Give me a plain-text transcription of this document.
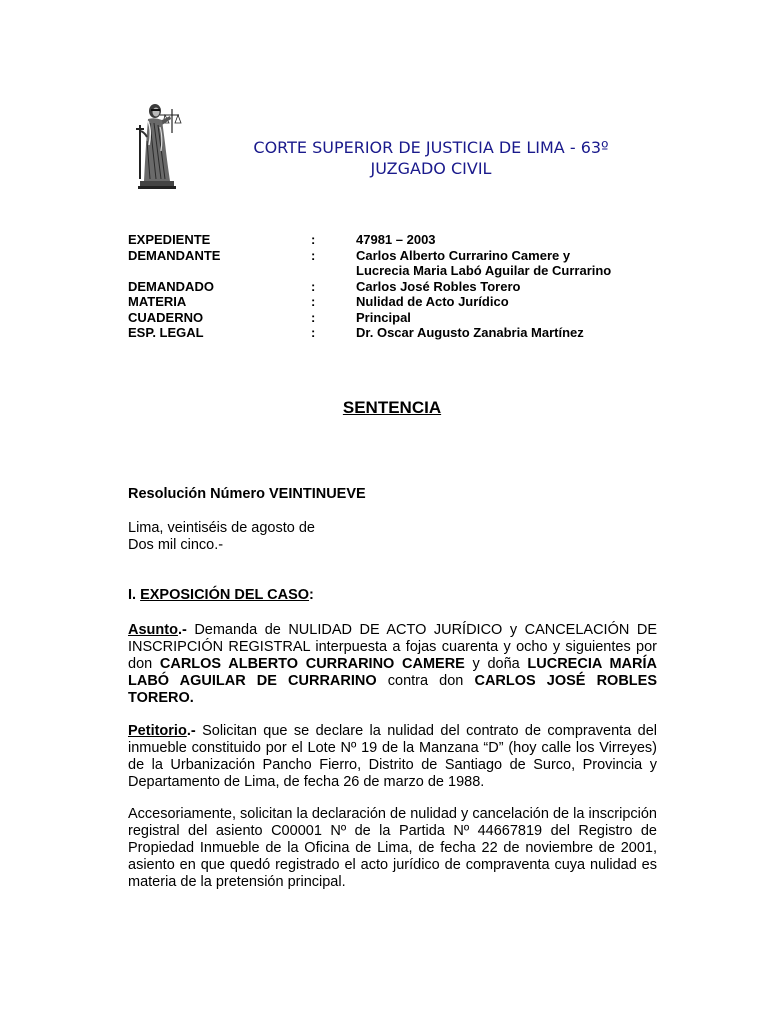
CORTE SUPERIOR DE JUSTICIA DE LIMA - 63º
JUZGADO CIVIL
EXPEDIENTE	:	47981 – 2003
DEMANDANTE	:	Carlos Alberto Currarino Camere y
Lucrecia Maria Labó Aguilar de Currarino
DEMANDADO	:	Carlos José Robles Torero
MATERIA	:	Nulidad de Acto Jurídico
CUADERNO	:	Principal
ESP. LEGAL	:	Dr. Oscar Augusto Zanabria Martínez
SENTENCIA
Resolución Número VEINTINUEVE
Lima, veintiséis de agosto de
Dos mil cinco.-
I. EXPOSICIÓN DEL CASO:
Asunto.- Demanda de NULIDAD DE ACTO JURÍDICO y CANCELACIÓN DE INSCRIPCIÓN REGISTRAL interpuesta a fojas cuarenta y ocho y siguientes por don CARLOS ALBERTO CURRARINO CAMERE y doña LUCRECIA MARÍA LABÓ AGUILAR DE CURRARINO contra don CARLOS JOSÉ ROBLES TORERO.
Petitorio.- Solicitan que se declare la nulidad del contrato de compraventa del inmueble constituido por el Lote Nº 19 de la Manzana “D” (hoy calle los Virreyes) de la Urbanización Pancho Fierro, Distrito de Santiago de Surco, Provincia y Departamento de Lima, de fecha 26 de marzo de 1988.
Accesoriamente, solicitan la declaración de nulidad y cancelación de la inscripción registral del asiento C00001 Nº de la Partida Nº 44667819 del Registro de Propiedad Inmueble de la Oficina de Lima, de fecha 22 de noviembre de 2001, asiento en que quedó registrado el acto jurídico de compraventa cuya nulidad es materia de la pretensión principal.
